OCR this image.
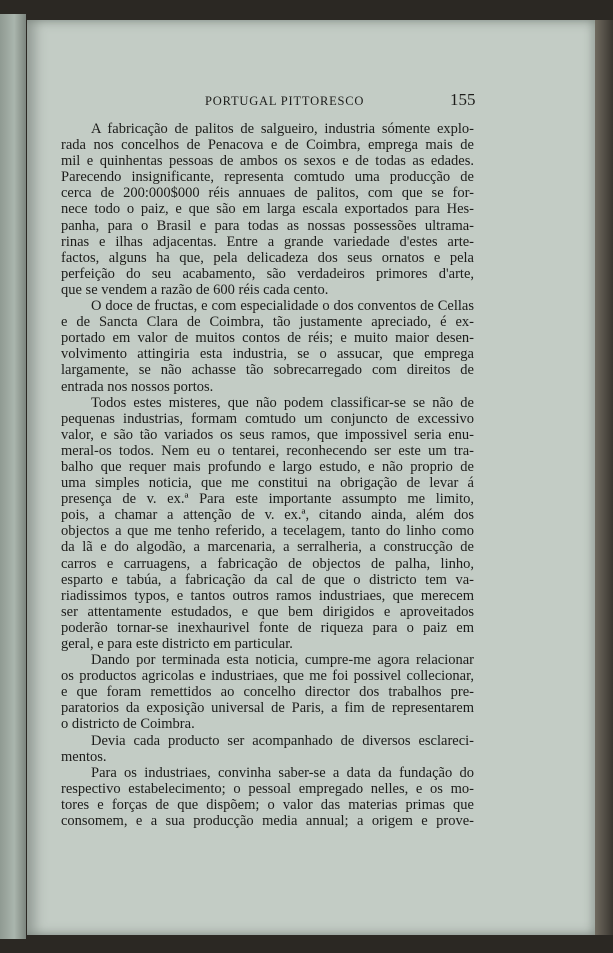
PORTUGAL PITTORESCO	155
A fabricação de palitos de salgueiro, industria sómente explo-
rada nos concelhos de Penacova e de Coimbra, emprega mais de
mil e quinhentas pessoas de ambos os sexos e de todas as edades.
Parecendo insignificante, representa comtudo uma producção de
cerca de 200:000$000 réis annuaes de palitos, com que se for-
nece todo o paiz, e que são em larga escala exportados para Hes-
panha, para o Brasil e para todas as nossas possessões ultrama-
rinas e ilhas adjacentas. Entre a grande variedade d'estes arte-
factos, alguns ha que, pela delicadeza dos seus ornatos e pela
perfeição do seu acabamento, são verdadeiros primores d'arte,
que se vendem a razão de 600 réis cada cento.
O doce de fructas, e com especialidade o dos conventos de Cellas
e de Sancta Clara de Coimbra, tão justamente apreciado, é ex-
portado em valor de muitos contos de réis; e muito maior desen-
volvimento attingiria esta industria, se o assucar, que emprega
largamente, se não achasse tão sobrecarregado com direitos de
entrada nos nossos portos.
Todos estes misteres, que não podem classificar-se se não de
pequenas industrias, formam comtudo um conjuncto de excessivo
valor, e são tão variados os seus ramos, que impossivel seria enu-
meral-os todos. Nem eu o tentarei, reconhecendo ser este um tra-
balho que requer mais profundo e largo estudo, e não proprio de
uma simples noticia, que me constitui na obrigação de levar á
presença de v. ex.ª Para este importante assumpto me limito,
pois, a chamar a attenção de v. ex.ª, citando ainda, além dos
objectos a que me tenho referido, a tecelagem, tanto do linho como
da lã e do algodão, a marcenaria, a serralheria, a construcção de
carros e carruagens, a fabricação de objectos de palha, linho,
esparto e tabúa, a fabricação da cal de que o districto tem va-
riadissimos typos, e tantos outros ramos industriaes, que merecem
ser attentamente estudados, e que bem dirigidos e aproveitados
poderão tornar-se inexhaurivel fonte de riqueza para o paiz em
geral, e para este districto em particular.
Dando por terminada esta noticia, cumpre-me agora relacionar
os productos agricolas e industriaes, que me foi possivel collecionar,
e que foram remettidos ao concelho director dos trabalhos pre-
paratorios da exposição universal de Paris, a fim de representarem
o districto de Coimbra.
Devia cada producto ser acompanhado de diversos esclareci-
mentos.
Para os industriaes, convinha saber-se a data da fundação do
respectivo estabelecimento; o pessoal empregado nelles, e os mo-
tores e forças de que dispõem; o valor das materias primas que
consomem, e a sua producção media annual; a origem e prove-
